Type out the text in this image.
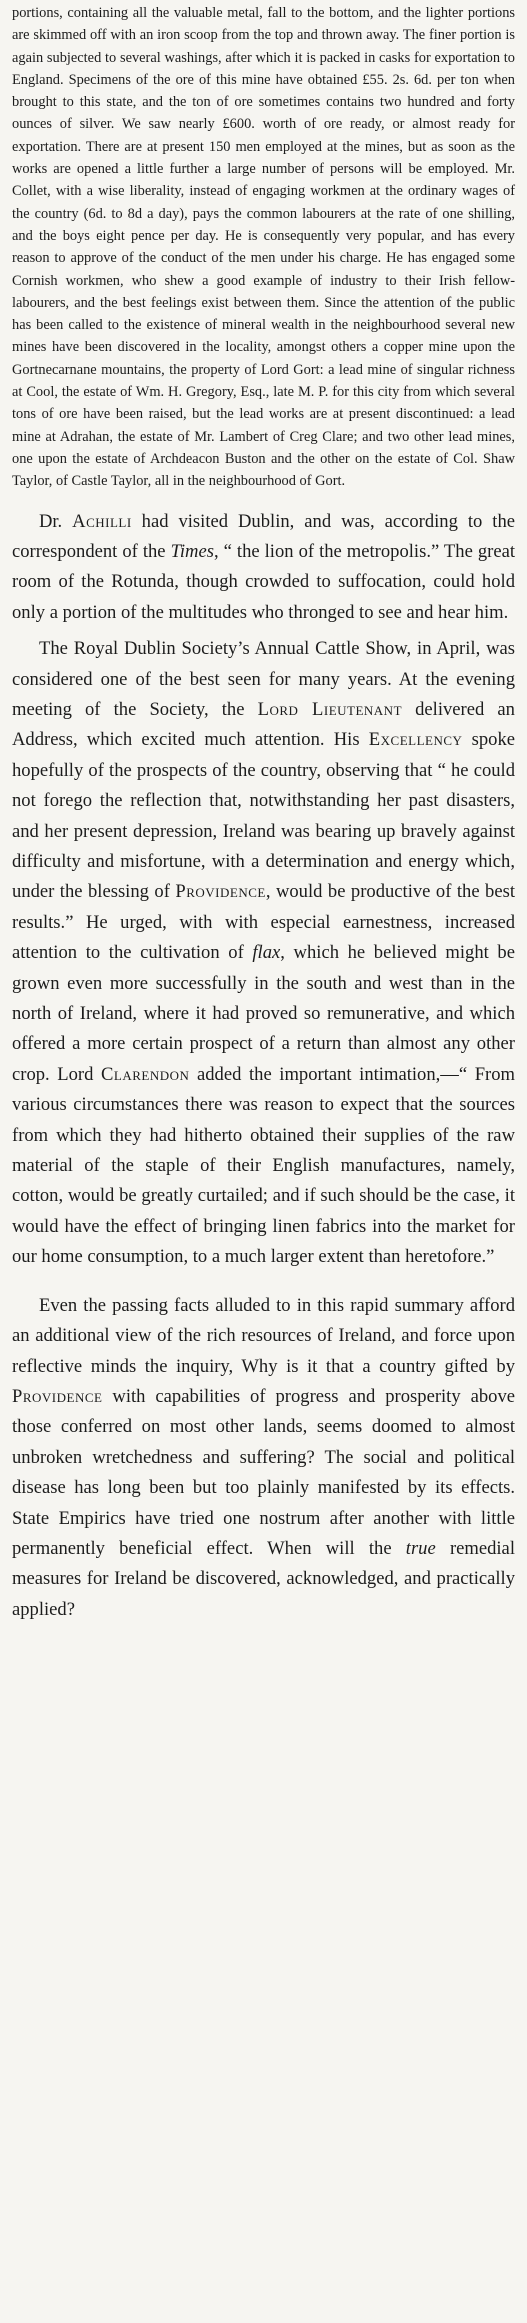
portions, containing all the valuable metal, fall to the bottom, and the lighter portions are skimmed off with an iron scoop from the top and thrown away. The finer portion is again subjected to several washings, after which it is packed in casks for exportation to England. Specimens of the ore of this mine have obtained £55. 2s. 6d. per ton when brought to this state, and the ton of ore sometimes contains two hundred and forty ounces of silver. We saw nearly £600. worth of ore ready, or almost ready for exportation. There are at present 150 men employed at the mines, but as soon as the works are opened a little further a large number of persons will be employed. Mr. Collet, with a wise liberality, instead of engaging workmen at the ordinary wages of the country (6d. to 8d a day), pays the common labourers at the rate of one shilling, and the boys eight pence per day. He is consequently very popular, and has every reason to approve of the conduct of the men under his charge. He has engaged some Cornish workmen, who shew a good example of industry to their Irish fellow-labourers, and the best feelings exist between them. Since the attention of the public has been called to the existence of mineral wealth in the neighbourhood several new mines have been discovered in the locality, amongst others a copper mine upon the Gortnecarnane mountains, the property of Lord Gort: a lead mine of singular richness at Cool, the estate of Wm. H. Gregory, Esq., late M. P. for this city from which several tons of ore have been raised, but the lead works are at present discontinued: a lead mine at Adrahan, the estate of Mr. Lambert of Creg Clare; and two other lead mines, one upon the estate of Archdeacon Buston and the other on the estate of Col. Shaw Taylor, of Castle Taylor, all in the neighbourhood of Gort.

Dr. Achilli had visited Dublin, and was, according to the correspondent of the Times, “ the lion of the metropolis.” The great room of the Rotunda, though crowded to suffocation, could hold only a portion of the multitudes who thronged to see and hear him.

The Royal Dublin Society’s Annual Cattle Show, in April, was considered one of the best seen for many years. At the evening meeting of the Society, the Lord Lieutenant delivered an Address, which excited much attention. His Excellency spoke hopefully of the prospects of the country, observing that “ he could not forego the reflection that, notwithstanding her past disasters, and her present depression, Ireland was bearing up bravely against difficulty and misfortune, with a determination and energy which, under the blessing of Providence, would be productive of the best results.” He urged, with with especial earnestness, increased attention to the cultivation of flax, which he believed might be grown even more successfully in the south and west than in the north of Ireland, where it had proved so remunerative, and which offered a more certain prospect of a return than almost any other crop. Lord Clarendon added the important intimation,—“ From various circumstances there was reason to expect that the sources from which they had hitherto obtained their supplies of the raw material of the staple of their English manufactures, namely, cotton, would be greatly curtailed; and if such should be the case, it would have the effect of bringing linen fabrics into the market for our home consumption, to a much larger extent than heretofore.”

Even the passing facts alluded to in this rapid summary afford an additional view of the rich resources of Ireland, and force upon reflective minds the inquiry, Why is it that a country gifted by Providence with capabilities of progress and prosperity above those conferred on most other lands, seems doomed to almost unbroken wretchedness and suffering? The social and political disease has long been but too plainly manifested by its effects. State Empirics have tried one nostrum after another with little permanently beneficial effect. When will the true remedial measures for Ireland be discovered, acknowledged, and practically applied?
